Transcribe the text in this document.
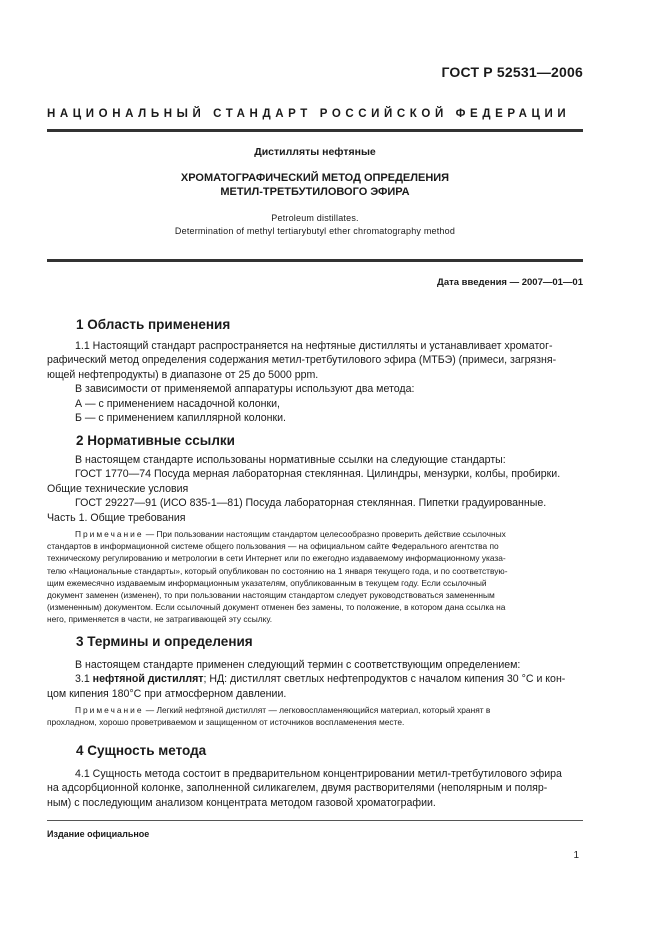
ГОСТ Р 52531—2006
НАЦИОНАЛЬНЫЙ СТАНДАРТ РОССИЙСКОЙ ФЕДЕРАЦИИ
Дистилляты нефтяные
ХРОМАТОГРАФИЧЕСКИЙ МЕТОД ОПРЕДЕЛЕНИЯ
МЕТИЛ-ТРЕТБУТИЛОВОГО ЭФИРА
Petroleum distillates.
Determination of methyl tertiarybutyl ether chromatography method
Дата введения — 2007—01—01
1 Область применения
1.1 Настоящий стандарт распространяется на нефтяные дистилляты и устанавливает хроматог-
рафический метод определения содержания метил-третбутилового эфира (МТБЭ) (примеси, загрязня-
ющей нефтепродукты) в диапазоне от 25 до 5000 ppm.
В зависимости от применяемой аппаратуры используют два метода:
А — с применением насадочной колонки,
Б — с применением капиллярной колонки.
2 Нормативные ссылки
В настоящем стандарте использованы нормативные ссылки на следующие стандарты:
ГОСТ 1770—74 Посуда мерная лабораторная стеклянная. Цилиндры, мензурки, колбы, пробирки.
Общие технические условия
ГОСТ 29227—91 (ИСО 835-1—81) Посуда лабораторная стеклянная. Пипетки градуированные.
Часть 1. Общие требования
Примечание — При пользовании настоящим стандартом целесообразно проверить действие ссылочных
стандартов в информационной системе общего пользования — на официальном сайте Федерального агентства по
техническому регулированию и метрологии в сети Интернет или по ежегодно издаваемому информационному указа-
телю «Национальные стандарты», который опубликован по состоянию на 1 января текущего года, и по соответствую-
щим ежемесячно издаваемым информационным указателям, опубликованным в текущем году. Если ссылочный
документ заменен (изменен), то при пользовании настоящим стандартом следует руководствоваться замененным
(измененным) документом. Если ссылочный документ отменен без замены, то положение, в котором дана ссылка на
него, применяется в части, не затрагивающей эту ссылку.
3 Термины и определения
В настоящем стандарте применен следующий термин с соответствующим определением:
3.1 нефтяной дистиллят; НД: дистиллят светлых нефтепродуктов с началом кипения 30 °С и кон-
цом кипения 180°С при атмосферном давлении.
Примечание — Легкий нефтяной дистиллят — легковоспламеняющийся материал, который хранят в
прохладном, хорошо проветриваемом и защищенном от источников воспламенения месте.
4 Сущность метода
4.1 Сущность метода состоит в предварительном концентрировании метил-третбутилового эфира
на адсорбционной колонке, заполненной силикагелем, двумя растворителями (неполярным и поляр-
ным) с последующим анализом концентрата методом газовой хроматографии.
Издание официальное
1
